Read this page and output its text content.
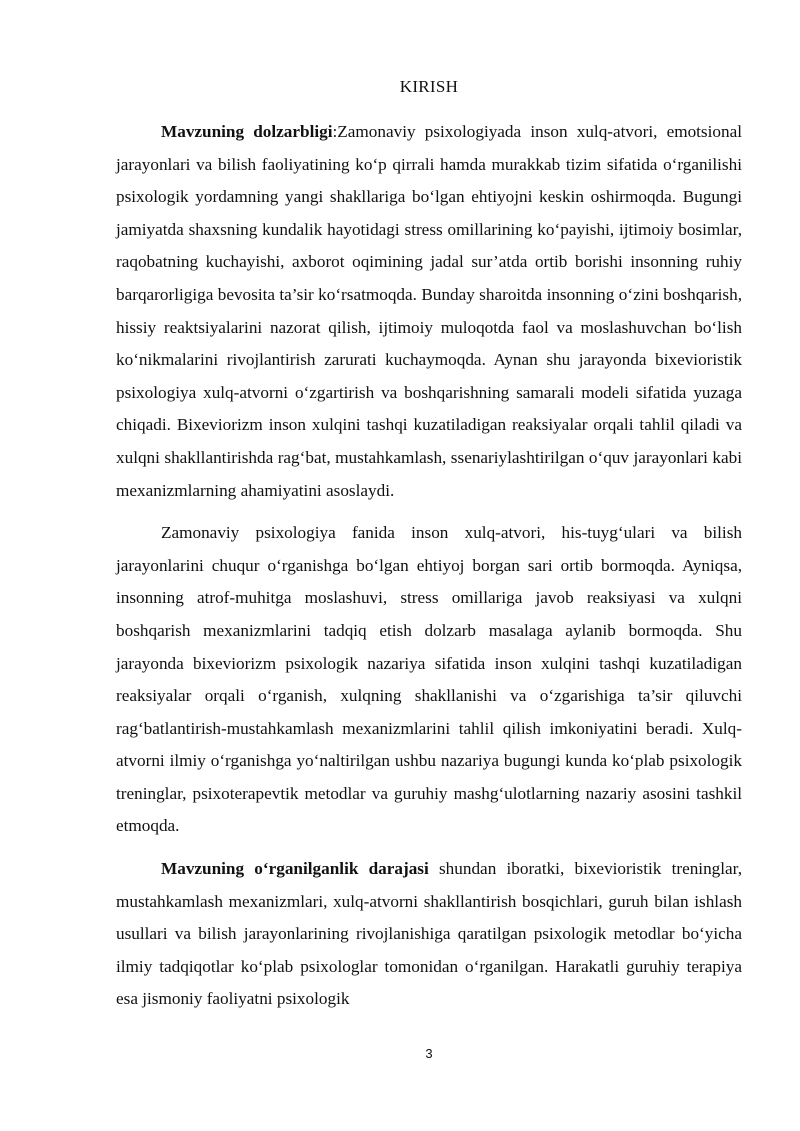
KIRISH

Mavzuning dolzarbligi:Zamonaviy psixologiyada inson xulq-atvori, emotsional jarayonlari va bilish faoliyatining ko‘p qirrali hamda murakkab tizim sifatida o‘rganilishi psixologik yordamning yangi shakllariga bo‘lgan ehtiyojni keskin oshirmoqda. Bugungi jamiyatda shaxsning kundalik hayotidagi stress omillarining ko‘payishi, ijtimoiy bosimlar, raqobatning kuchayishi, axborot oqimining jadal sur’atda ortib borishi insonning ruhiy barqarorligiga bevosita ta’sir ko‘rsatmoqda. Bunday sharoitda insonning o‘zini boshqarish, hissiy reaktsiyalarini nazorat qilish, ijtimoiy muloqotda faol va moslashuvchan bo‘lish ko‘nikmalarini rivojlantirish zarurati kuchaymoqda. Aynan shu jarayonda bixevioristik psixologiya xulq-atvorni o‘zgartirish va boshqarishning samarali modeli sifatida yuzaga chiqadi. Bixeviorizm inson xulqini tashqi kuzatiladigan reaksiyalar orqali tahlil qiladi va xulqni shakllantirishda rag‘bat, mustahkamlash, ssenariylashtirilgan o‘quv jarayonlari kabi mexanizmlarning ahamiyatini asoslaydi.

Zamonaviy psixologiya fanida inson xulq-atvori, his-tuyg‘ulari va bilish jarayonlarini chuqur o‘rganishga bo‘lgan ehtiyoj borgan sari ortib bormoqda. Ayniqsa, insonning atrof-muhitga moslashuvi, stress omillariga javob reaksiyasi va xulqni boshqarish mexanizmlarini tadqiq etish dolzarb masalaga aylanib bormoqda. Shu jarayonda bixeviorizm psixologik nazariya sifatida inson xulqini tashqi kuzatiladigan reaksiyalar orqali o‘rganish, xulqning shakllanishi va o‘zgarishiga ta’sir qiluvchi rag‘batlantirish-mustahkamlash mexanizmlarini tahlil qilish imkoniyatini beradi. Xulq-atvorni ilmiy o‘rganishga yo‘naltirilgan ushbu nazariya bugungi kunda ko‘plab psixologik treninglar, psixoterapevtik metodlar va guruhiy mashg‘ulotlarning nazariy asosini tashkil etmoqda.

Mavzuning o‘rganilganlik darajasi shundan iboratki, bixevioristik treninglar, mustahkamlash mexanizmlari, xulq-atvorni shakllantirish bosqichlari, guruh bilan ishlash usullari va bilish jarayonlarining rivojlanishiga qaratilgan psixologik metodlar bo‘yicha ilmiy tadqiqotlar ko‘plab psixologlar tomonidan o‘rganilgan. Harakatli guruhiy terapiya esa jismoniy faoliyatni psixologik

3
